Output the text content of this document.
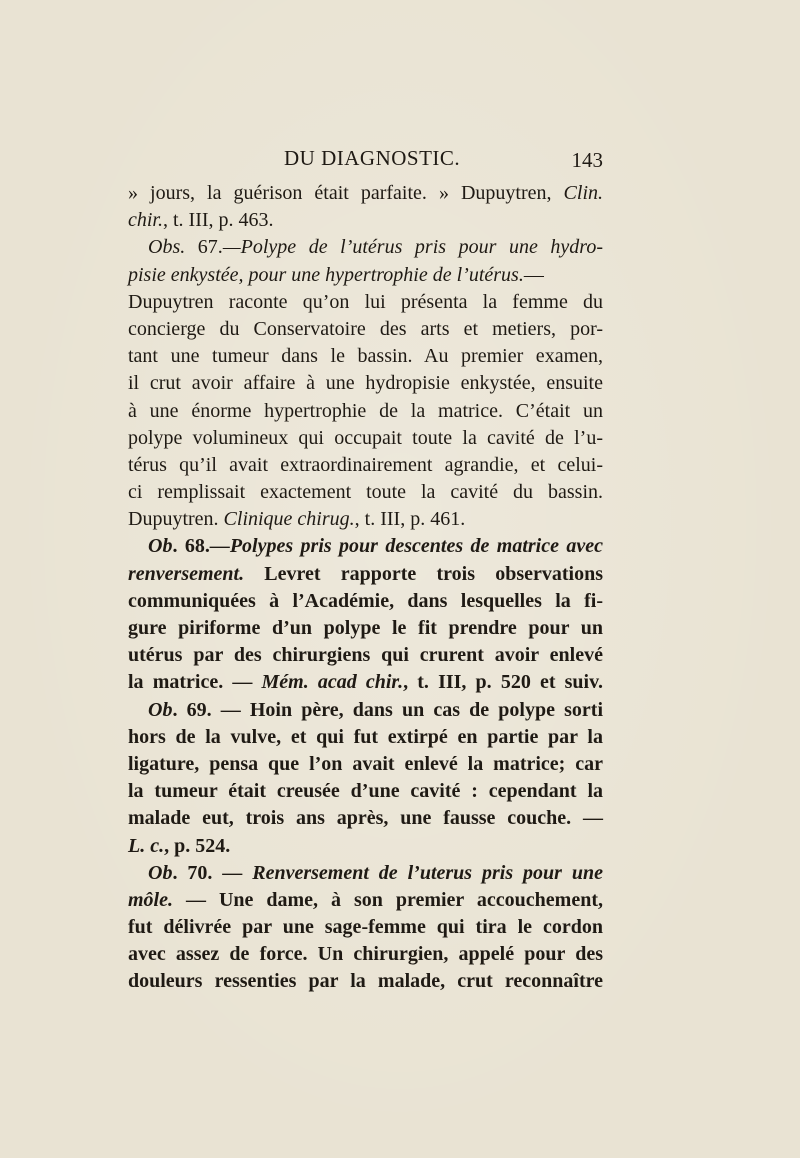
DU DIAGNOSTIC.	143
» jours, la guérison était parfaite. » Dupuytren, Clin.
chir., t. III, p. 463.
Obs. 67.—Polype de l’utérus pris pour une hydro-
pisie enkystée, pour une hypertrophie de l’utérus.—
Dupuytren raconte qu’on lui présenta la femme du
concierge du Conservatoire des arts et metiers, por-
tant une tumeur dans le bassin. Au premier examen,
il crut avoir affaire à une hydropisie enkystée, ensuite
à une énorme hypertrophie de la matrice. C’était un
polype volumineux qui occupait toute la cavité de l’u-
térus qu’il avait extraordinairement agrandie, et celui-
ci remplissait exactement toute la cavité du bassin.
Dupuytren. Clinique chirug., t. III, p. 461.
Ob. 68.—Polypes pris pour descentes de matrice avec
renversement. Levret rapporte trois observations
communiquées à l’Académie, dans lesquelles la fi-
gure piriforme d’un polype le fit prendre pour un
utérus par des chirurgiens qui crurent avoir enlevé
la matrice. — Mém. acad chir., t. III, p. 520 et suiv.
Ob. 69. — Hoin père, dans un cas de polype sorti
hors de la vulve, et qui fut extirpé en partie par la
ligature, pensa que l’on avait enlevé la matrice; car
la tumeur était creusée d’une cavité : cependant la
malade eut, trois ans après, une fausse couche. —
L. c., p. 524.
Ob. 70. — Renversement de l’uterus pris pour une
môle. — Une dame, à son premier accouchement,
fut délivrée par une sage-femme qui tira le cordon
avec assez de force. Un chirurgien, appelé pour des
douleurs ressenties par la malade, crut reconnaître
